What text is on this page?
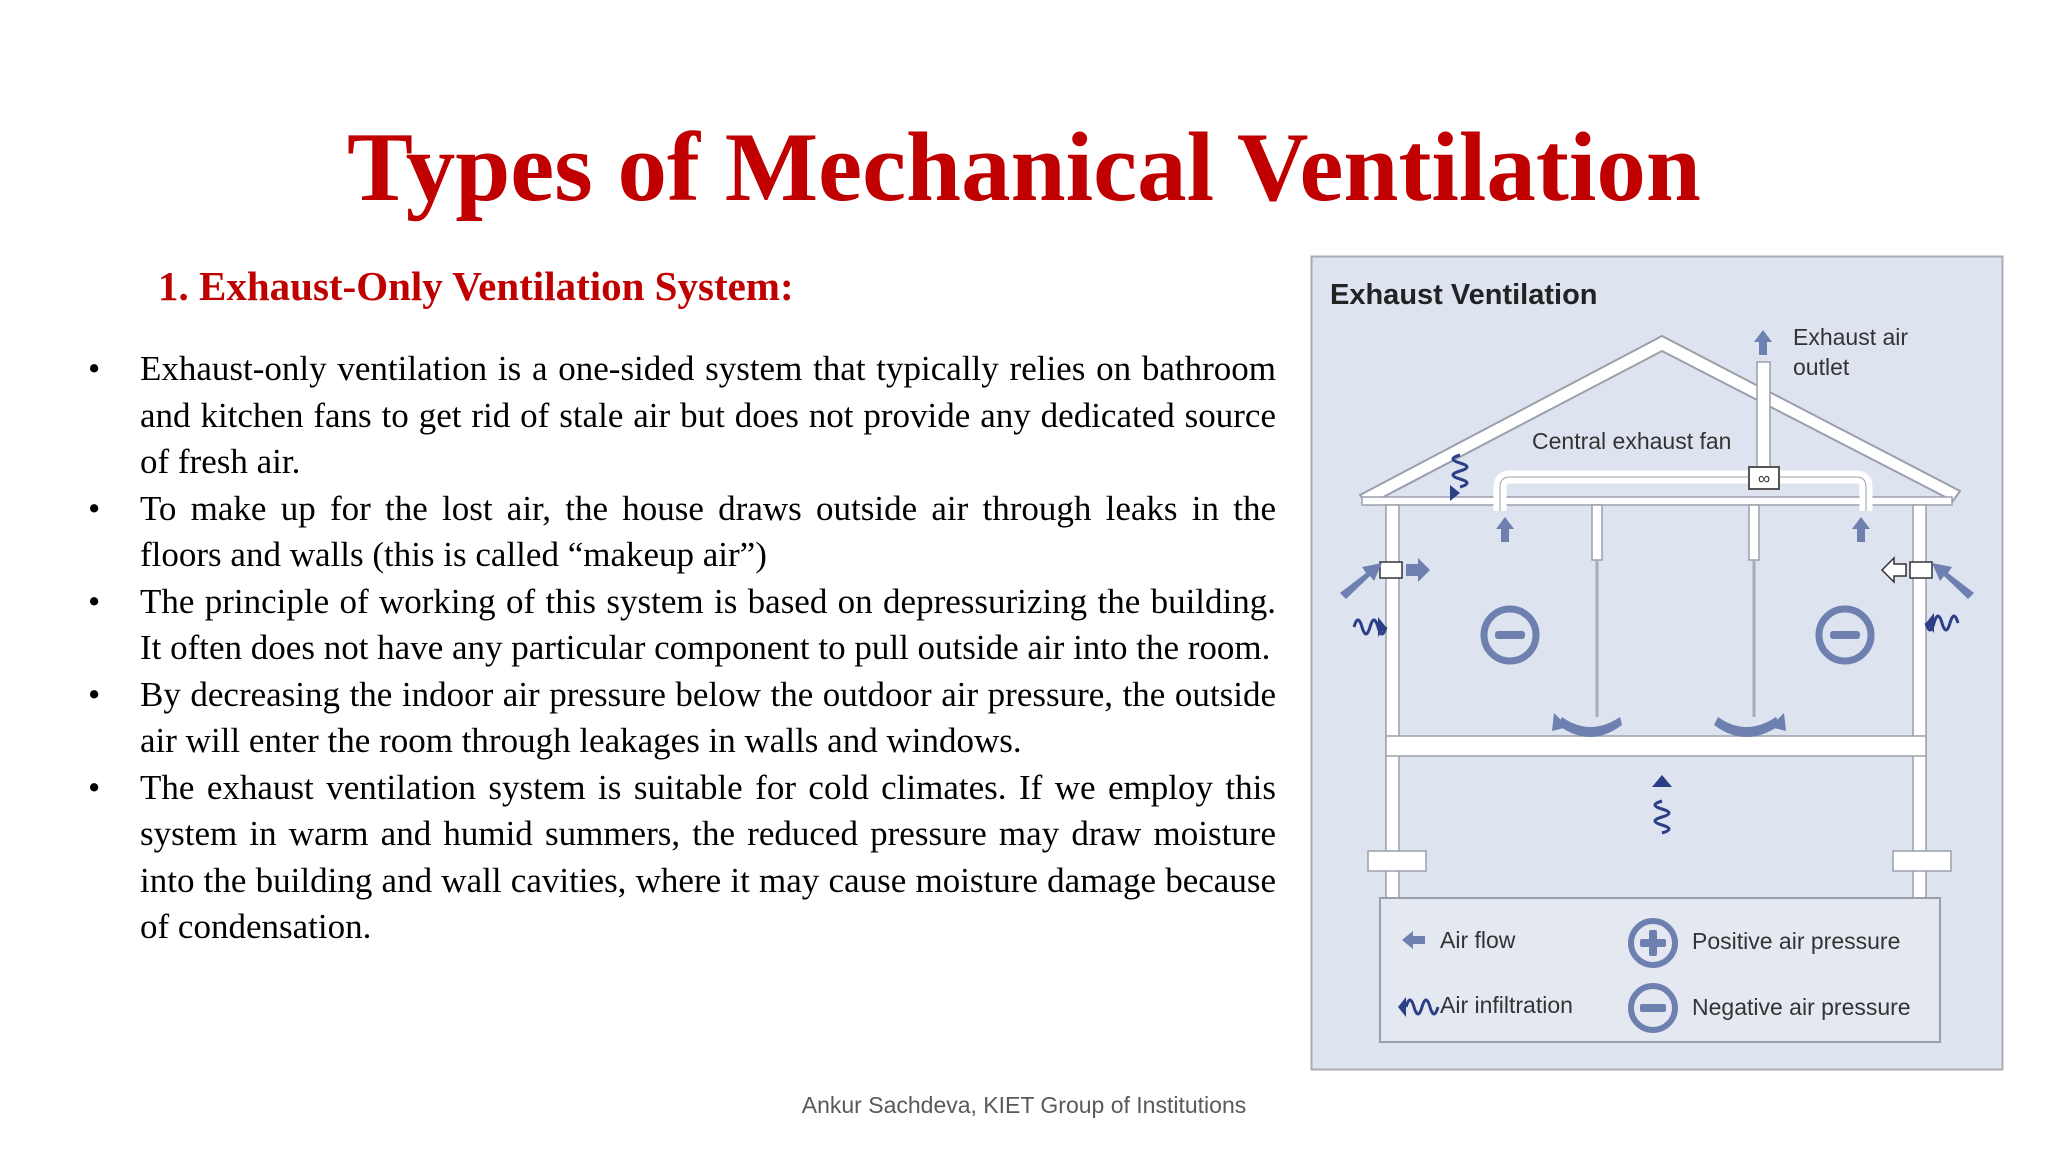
Types of Mechanical Ventilation
1. Exhaust-Only Ventilation System:
• Exhaust-only ventilation is a one-sided system that typically relies on bathroom and kitchen fans to get rid of stale air but does not provide any dedicated source of fresh air.
• To make up for the lost air, the house draws outside air through leaks in the floors and walls (this is called “makeup air”)
• The principle of working of this system is based on depressurizing the building. It often does not have any particular component to pull outside air into the room.
• By decreasing the indoor air pressure below the outdoor air pressure, the outside air will enter the room through leakages in walls and windows.
• The exhaust ventilation system is suitable for cold climates. If we employ this system in warm and humid summers, the reduced pressure may draw moisture into the building and wall cavities, where it may cause moisture damage because of condensation.
Exhaust Ventilation
∞
Exhaust air
outlet
Central exhaust fan
Air flow
Air infiltration
Positive air pressure
Negative air pressure
Ankur Sachdeva, KIET Group of Institutions
